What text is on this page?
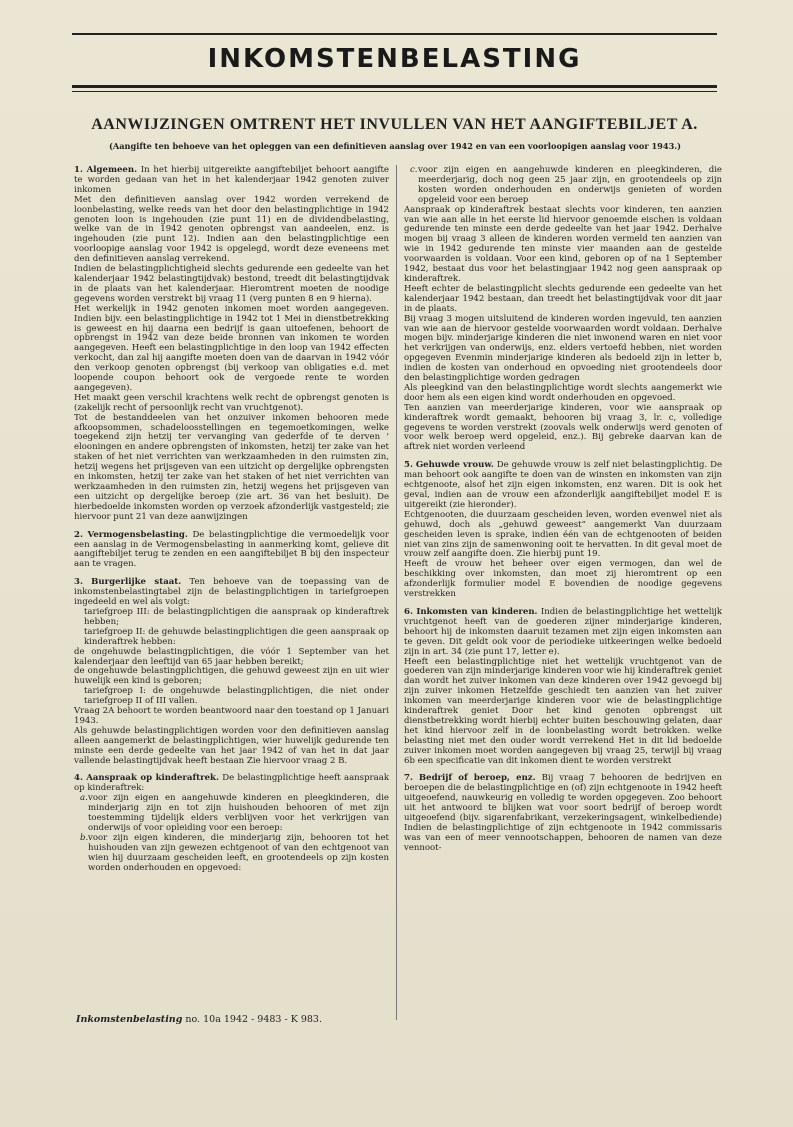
INKOMSTENBELASTING
AANWIJZINGEN OMTRENT HET INVULLEN VAN HET AANGIFTEBILJET A.
(Aangifte ten behoeve van het opleggen van een definitieven aanslag over 1942 en van een voorloopigen aanslag voor 1943.)

1. Algemeen. In het hierbij uitgereikte aangiftebiljet behoort aangifte te worden gedaan van het in het kalenderjaar 1942 genoten zuiver inkomen

Met den definitieven aanslag over 1942 worden verrekend de loonbelasting, welke reeds van het door den belastingplichtige in 1942 genoten loon is ingehouden (zie punt 11) en de dividendbelasting, welke van de in 1942 genoten opbrengst van aandeelen, enz. is ingehouden (zie punt 12). Indien aan den belastingplichtige een voorloopige aanslag voor 1942 is opgelegd, wordt deze eveneens met den definitieven aanslag verrekend.

Indien de belastingplichtigheid slechts gedurende een gedeelte van het kalenderjaar 1942 belastingtijdvak) bestond, treedt dit belastingtijdvak in de plaats van het kalenderjaar. Hieromtrent moeten de noodige gegevens worden verstrekt bij vraag 11 (verg punten 8 en 9 hierna).

Het werkelijk in 1942 genoten inkomen moet worden aangegeven. Indien bijv. een belastingplichtige in 1942 tot 1 Mei in dienstbetrekking is geweest en hij daarna een bedrijf is gaan uitoefenen, behoort de opbrengst in 1942 van deze beide bronnen van inkomen te worden aangegeven. Heeft een belastingplichtige in den loop van 1942 effecten verkocht, dan zal hij aangifte moeten doen van de daarvan in 1942 vóór den verkoop genoten opbrengst (bij verkoop van obligaties e.d. met loopende coupon behoort ook de vergoede rente te worden aangegeven).

Het maakt geen verschil krachtens welk recht de opbrengst genoten is (zakelijk recht of persoonlijk recht van vruchtgenot).

Tot de bestanddeelen van het onzuiver inkomen behooren mede afkoopsommen, schadeloosstellingen en tegemoetkomingen, welke toegekend zijn hetzij ter vervanging van gederfde of te derven ' elooningen en andere opbrengsten of inkomsten, hetzij ter zake van het staken of het niet verrichten van werkzaamheden in den ruimsten zin, hetzij wegens het prijsgeven van een uitzicht op dergelijke opbrengsten en inkomsten, hetzij ter zake van het staken of het niet verrichten van werkzaamheden in den ruimsten zin, hetzij wegens het prijsgeven van een uitzicht op dergelijke beroep (zie art. 36 van het besluit). De hierbedoelde inkomsten worden op verzoek afzonderlijk vastgesteld; zie hiervoor punt 21 van deze aanwijzingen

2. Vermogensbelasting. De belastingplichtige die vermoedelijk voor een aanslag in de Vermogensbelasting in aanmerking komt, gelieve dit aangiftebiljet terug te zenden en een aangiftebiljet B bij den inspecteur aan te vragen.

3. Burgerlijke staat. Ten behoeve van de toepassing van de inkomstenbelastingtabel zijn de belastingplichtigen in tariefgroepen ingedeeld en wel als volgt:

tariefgroep III: de belastingplichtigen die aanspraak op kinderaftrek hebben;

tariefgroep II: de gehuwde belastingplichtigen die geen aanspraak op kinderaftrek hebben:

de ongehuwde belastingplichtigen, die vóór 1 September van het kalenderjaar den leeftijd van 65 jaar hebben bereikt;

de ongehuwde belastingplichtigen, die gehuwd geweest zijn en uit wier huwelijk een kind is geboren;

tariefgroep I: de ongehuwde belastingplichtigen, die niet onder tariefgroep II of III vallen.

Vraag 2A behoort te worden beantwoord naar den toestand op 1 Januari 1943.

Als gehuwde belastingplichtigen worden voor den definitieven aanslag alleen aangemerkt de belastingplichtigen, wier huwelijk gedurende ten minste een derde gedeelte van het jaar 1942 of van het in dat jaar vallende belastingtijdvak heeft bestaan Zie hiervoor vraag 2 B.

4. Aanspraak op kinderaftrek. De belastingplichtige heeft aanspraak op kinderaftrek:

a. voor zijn eigen en aangehuwde kinderen en pleegkinderen, die minderjarig zijn en tot zijn huishouden behooren of met zijn toestemming tijdelijk elders verblijven voor het verkrijgen van onderwijs of voor opleiding voor een beroep:
b. voor zijn eigen kinderen, die minderjarig zijn, behooren tot het huishouden van zijn gewezen echtgenoot of van den echtgenoot van wien hij duurzaam gescheiden leeft, en grootendeels op zijn kosten worden onderhouden en opgevoed:
c. voor zijn eigen en aangehuwde kinderen en pleegkinderen, die meerderjarig, doch nog geen 25 jaar zijn, en grootendeels op zijn kosten worden onderhouden en onderwijs genieten of worden opgeleid voor een beroep

Aanspraak op kinderaftrek bestaat slechts voor kinderen, ten aanzien van wie aan alle in het eerste lid hiervoor genoemde eischen is voldaan gedurende ten minste een derde gedeelte van het jaar 1942. Derhalve mogen bij vraag 3 alleen de kinderen worden vermeld ten aanzien van wie in 1942 gedurende ten minste vier maanden aan de gestelde voorwaarden is voldaan. Voor een kind, geboren op of na 1 September 1942, bestaat dus voor het belastingjaar 1942 nog geen aanspraak op kinderaftrek.

Heeft echter de belastingplicht slechts gedurende een gedeelte van het kalenderjaar 1942 bestaan, dan treedt het belastingtijdvak voor dit jaar in de plaats.

Bij vraag 3 mogen uitsluitend de kinderen worden ingevuld, ten aanzien van wie aan de hiervoor gestelde voorwaarden wordt voldaan. Derhalve mogen bijv. minderjarige kinderen die niet inwonend waren en niet voor het verkrijgen van onderwijs, enz. elders vertoefd hebben, niet worden opgegeven Evenmin minderjarige kinderen als bedoeld zijn in letter b, indien de kosten van onderhoud en opvoeding niet grootendeels door den belastingplichtige worden gedragen

Als pleegkind van den belastingplichtige wordt slechts aangemerkt wie door hem als een eigen kind wordt onderhouden en opgevoed.

Ten aanzien van meerderjarige kinderen, voor wie aanspraak op kinderaftrek wordt gemaakt, behooren bij vraag 3, lr. c, volledige gegevens te worden verstrekt (zoovals welk onderwijs werd genoten of voor welk beroep werd opgeleid, enz.). Bij gebreke daarvan kan de aftrek niet worden verleend

5. Gehuwde vrouw. De gehuwde vrouw is zelf niet belastingplichtig. De man behoort ook aangifte te doen van de winsten en inkomsten van zijn echtgenoote, alsof het zijn eigen inkomsten, enz waren. Dit is ook het geval, indien aan de vrouw een afzonderlijk aangiftebiljet model E is uitgereikt (zie hieronder).

Echtgenooten, die duurzaam gescheiden leven, worden evenwel niet als gehuwd, doch als „gehuwd geweest” aangemerkt Van duurzaam gescheiden leven is sprake, indien één van de echtgenooten of beiden niet van zins zijn de samenwoning ooit te hervatten. In dit geval moet de vrouw zelf aangifte doen. Zie hierbij punt 19.

Heeft de vrouw het beheer over eigen vermogen, dan wel de beschikking over inkomsten, dan moet zij hieromtrent op een afzonderlijk formulier model E bovendien de noodige gegevens verstrekken

6. Inkomsten van kinderen. Indien de belastingplichtige het wettelijk vruchtgenot heeft van de goederen zijner minderjarige kinderen, behoort hij de inkomsten daaruit tezamen met zijn eigen inkomsten aan te geven. Dit geldt ook voor de periodieke uitkeeringen welke bedoeld zijn in art. 34 (zie punt 17, letter e).

Heeft een belastingplichtige niet het wettelijk vruchtgenot van de goederen van zijn minderjarige kinderen voor wie hij kinderaftrek geniet dan wordt het zuiver inkomen van deze kinderen over 1942 gevoegd bij zijn zuiver inkomen Hetzelfde geschiedt ten aanzien van het zuiver inkomen van meerderjarige kinderen voor wie de belastingplichtige kinderaftrek geniet Door het kind genoten opbrengst uit dienstbetrekking wordt hierbij echter buiten beschouwing gelaten, daar het kind hiervoor zelf in de loonbelasting wordt betrokken. welke belasting niet met den ouder wordt verrekend Het in dit lid bedoelde zuiver inkomen moet worden aangegeven bij vraag 25, terwijl bij vraag 6b een specificatie van dit inkomen dient te worden verstrekt

7. Bedrijf of beroep, enz. Bij vraag 7 behooren de bedrijven en beroepen die de belastingplichtige en (of) zijn echtgenoote in 1942 heeft uitgeoefend, nauwkeurig en volledig te worden opgegeven. Zoo behoort uit het antwoord te blijken wat voor soort bedrijf of beroep wordt uitgeoefend (bijv. sigarenfabrikant, verzekeringsagent, winkelbediende) Indien de belastingplichtige of zijn echtgenoote in 1942 commissaris was van een of meer vennootschappen, behooren de namen van deze vennoot-

Inkomstenbelasting no. 10a 1942 - 9483 - K 983.
